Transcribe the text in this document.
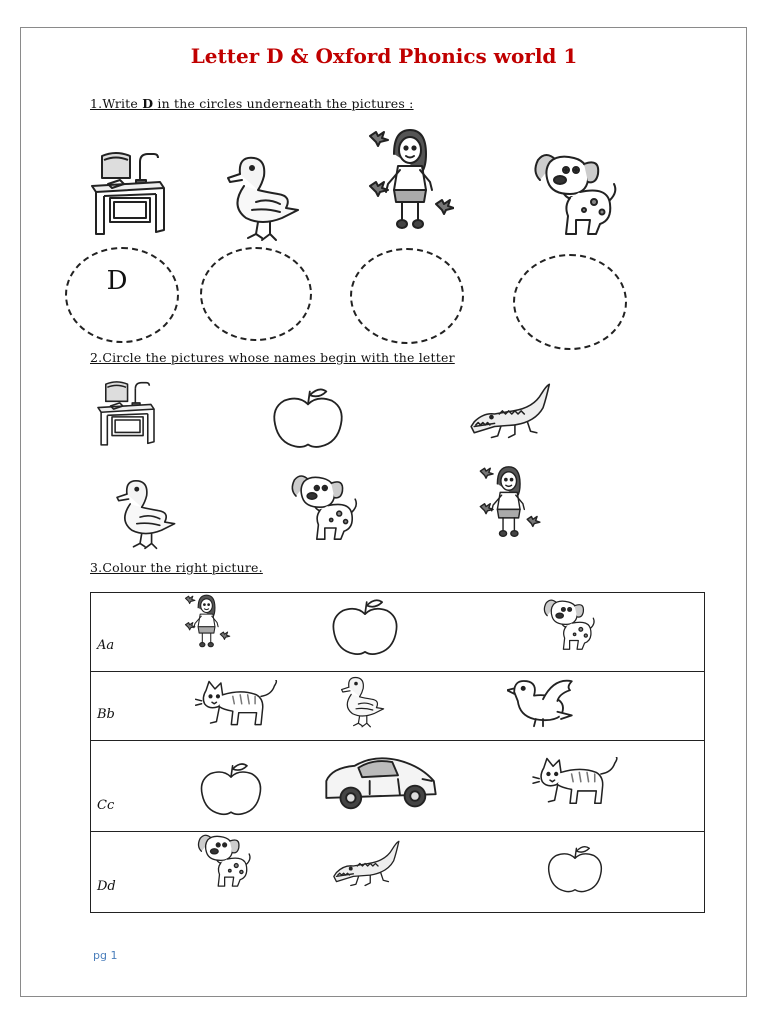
Letter D & Oxford Phonics world 1
1.Write D in the circles underneath the pictures :
D
2.Circle the pictures whose names begin with the letter
3.Colour the right picture.
Aa

Bb

Cc

Dd
pg 1
